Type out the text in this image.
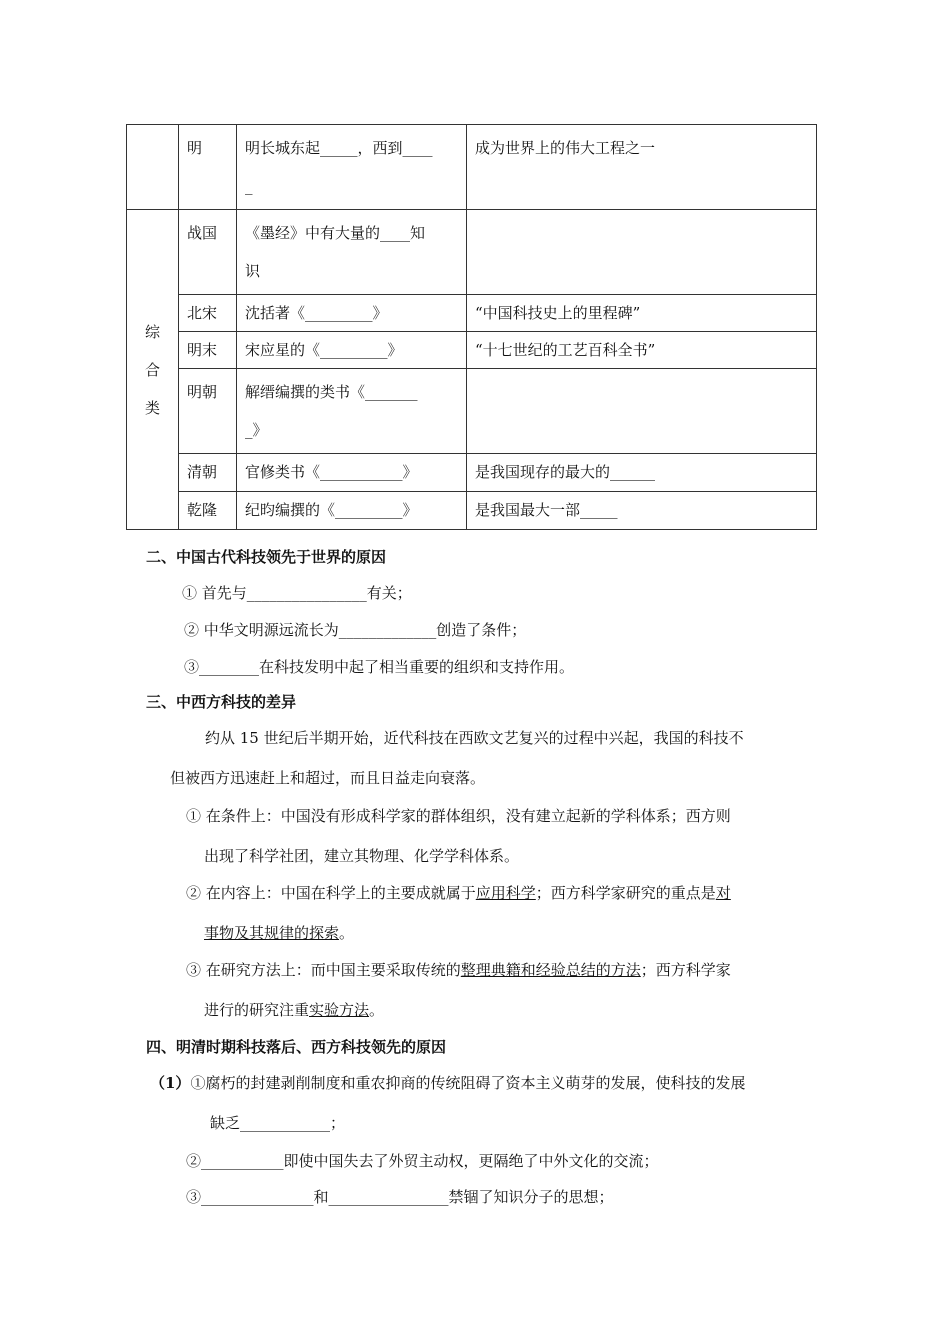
	明	明长城东起_____，西到____
_	成为世界上的伟大工程之一

综
合
类	战国	《墨经》中有大量的____知
识	
	北宋	沈括著《_________》	“中国科技史上的里程碑”
	明末	宋应星的《_________》	“十七世纪的工艺百科全书”
	明朝	解缙编撰的类书《_______
_》	
	清朝	官修类书《___________》	是我国现存的最大的______
	乾隆	纪昀编撰的《_________》	是我国最大一部_____
二、中国古代科技领先于世界的原因
① 首先与________________有关；
② 中华文明源远流长为_____________创造了条件；
③________在科技发明中起了相当重要的组织和支持作用。
三、中西方科技的差异
约从 15 世纪后半期开始，近代科技在西欧文艺复兴的过程中兴起，我国的科技不
但被西方迅速赶上和超过，而且日益走向衰落。
① 在条件上：中国没有形成科学家的群体组织，没有建立起新的学科体系；西方则
出现了科学社团，建立其物理、化学学科体系。
② 在内容上：中国在科学上的主要成就属于应用科学；西方科学家研究的重点是对
事物及其规律的探索。
③ 在研究方法上：而中国主要采取传统的整理典籍和经验总结的方法；西方科学家
进行的研究注重实验方法。
四、明清时期科技落后、西方科技领先的原因
（1）①腐朽的封建剥削制度和重农抑商的传统阻碍了资本主义萌芽的发展，使科技的发展
缺乏____________；
②___________即使中国失去了外贸主动权，更隔绝了中外文化的交流；
③_______________和________________禁锢了知识分子的思想；
